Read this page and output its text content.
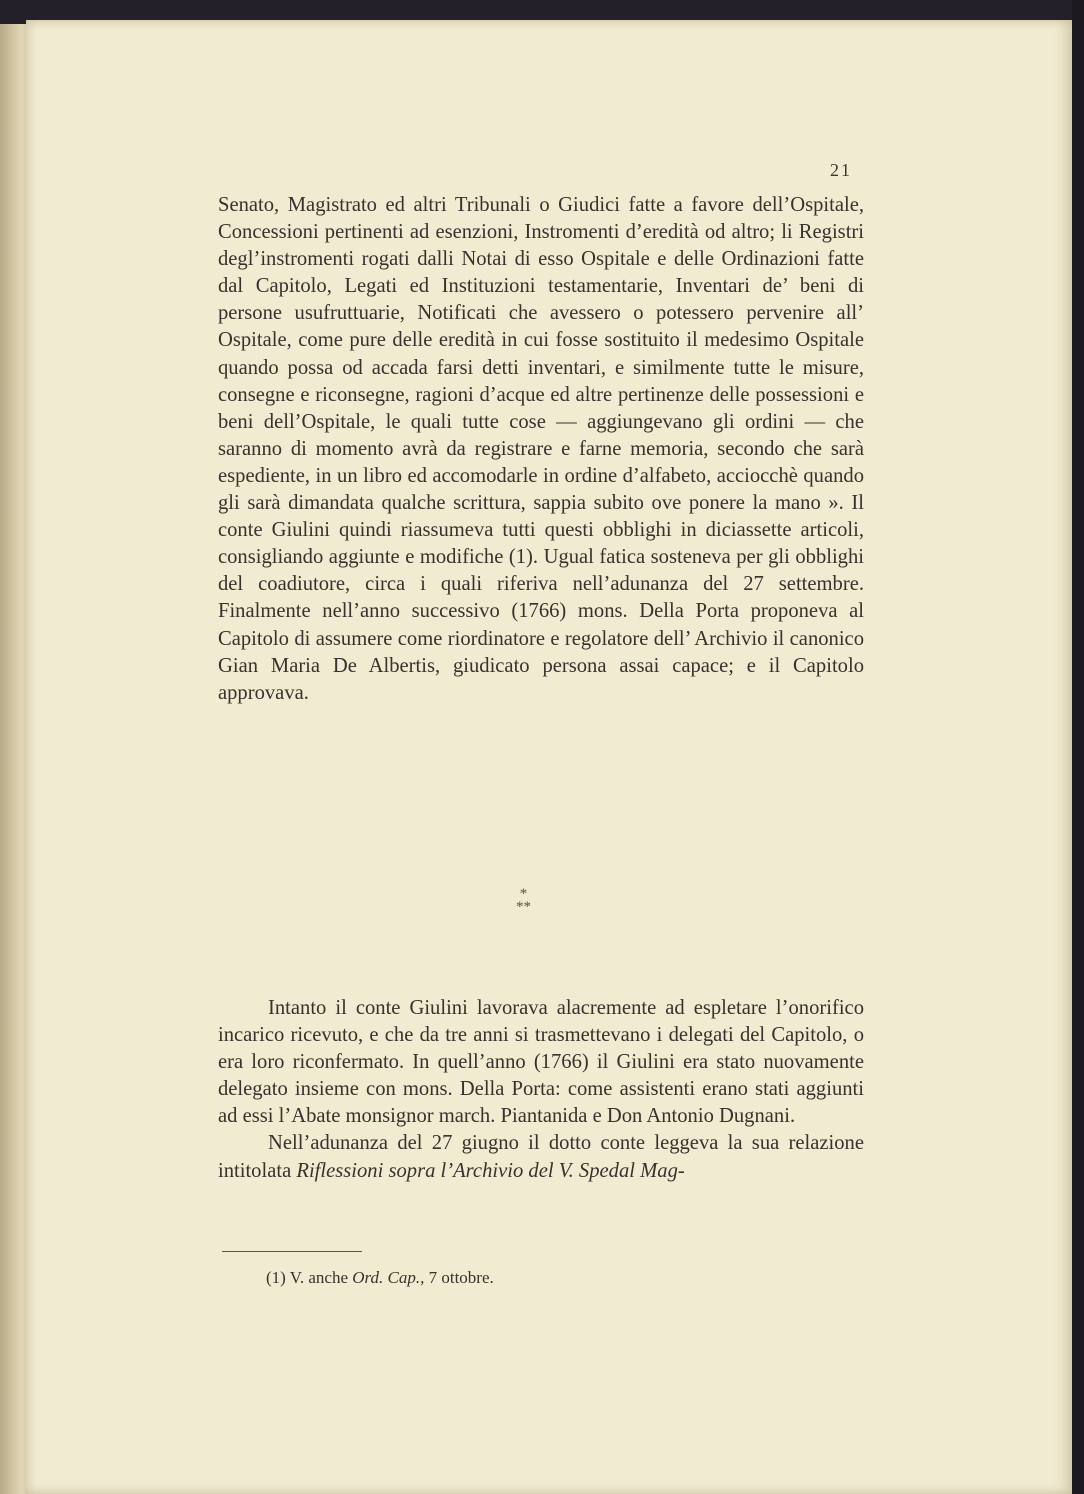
21

Senato, Magistrato ed altri Tribunali o Giudici fatte a favore dell’Ospitale, Concessioni pertinenti ad esenzioni, Instromenti d’eredità od altro; li Registri degl’instromenti rogati dalli Notai di esso Ospitale e delle Ordinazioni fatte dal Capitolo, Legati ed Instituzioni testamentarie, Inventari de’ beni di persone usufruttuarie, Notificati che avessero o potessero pervenire all’ Ospitale, come pure delle eredità in cui fosse sostituito il medesimo Ospitale quando possa od accada farsi detti inventari, e similmente tutte le misure, consegne e riconsegne, ragioni d’acque ed altre pertinenze delle possessioni e beni dell’Ospitale, le quali tutte cose — aggiungevano gli ordini — che saranno di momento avrà da registrare e farne memoria, secondo che sarà espediente, in un libro ed accomodarle in ordine d’alfabeto, acciocchè quando gli sarà dimandata qualche scrittura, sappia subito ove ponere la mano ». Il conte Giulini quindi riassumeva tutti questi obblighi in diciassette articoli, consigliando aggiunte e modifiche (1). Ugual fatica sosteneva per gli obblighi del coadiutore, circa i quali riferiva nell’adunanza del 27 settembre. Finalmente nell’anno successivo (1766) mons. Della Porta proponeva al Capitolo di assumere come riordinatore e regolatore dell’ Archivio il canonico Gian Maria De Albertis, giudicato persona assai capace; e il Capitolo approvava.

*
**

Intanto il conte Giulini lavorava alacremente ad espletare l’onorifico incarico ricevuto, e che da tre anni si trasmettevano i delegati del Capitolo, o era loro riconfermato. In quell’anno (1766) il Giulini era stato nuovamente delegato insieme con mons. Della Porta: come assistenti erano stati aggiunti ad essi l’Abate monsignor march. Piantanida e Don Antonio Dugnani.

Nell’adunanza del 27 giugno il dotto conte leggeva la sua relazione intitolata Riflessioni sopra l’Archivio del V. Spedal Mag-

(1) V. anche Ord. Cap., 7 ottobre.
